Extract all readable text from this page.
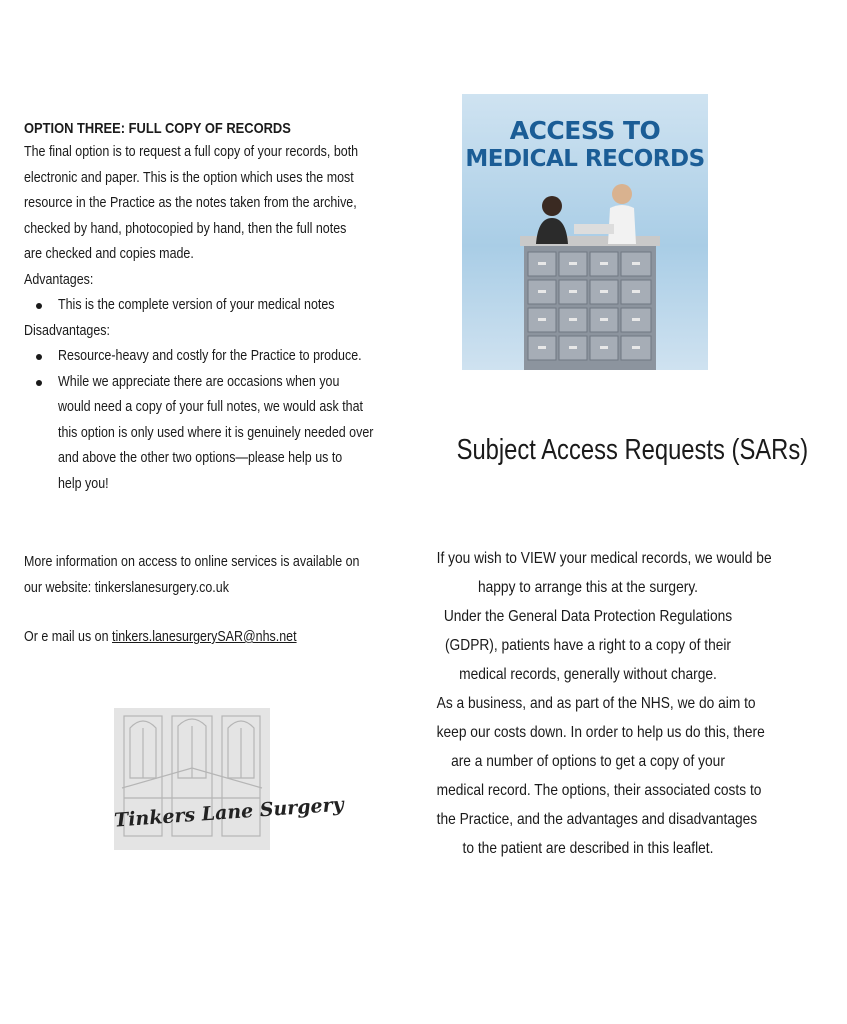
OPTION THREE: FULL COPY OF RECORDS
The final option is to request a full copy of your records, both
electronic and paper. This is the option which uses the most
resource in the Practice as the notes taken from the archive,
checked by hand, photocopied by hand, then the full notes
are checked and copies made.
Advantages:
This is the complete version of your medical notes
Disadvantages:
Resource-heavy and costly for the Practice to produce.
While we appreciate there are occasions when you
would need a copy of your full notes, we would ask that
this option is only used where it is genuinely needed over
and above the other two options—please help us to
help you!
More information on access to online services is available on
our website: tinkerslanesurgery.co.uk
Or e mail us on tinkers.lanesurgerySAR@nhs.net
Tinkers Lane Surgery
ACCESS TO
MEDICAL RECORDS
Subject Access Requests (SARs)
If you wish to VIEW your medical records, we would be
happy to arrange this at the surgery.
Under the General Data Protection Regulations
(GDPR), patients have a right to a copy of their
medical records, generally without charge.
As a business, and as part of the NHS, we do aim to
keep our costs down. In order to help us do this, there
are a number of options to get a copy of your
medical record. The options, their associated costs to
the Practice, and the advantages and disadvantages
to the patient are described in this leaflet.
